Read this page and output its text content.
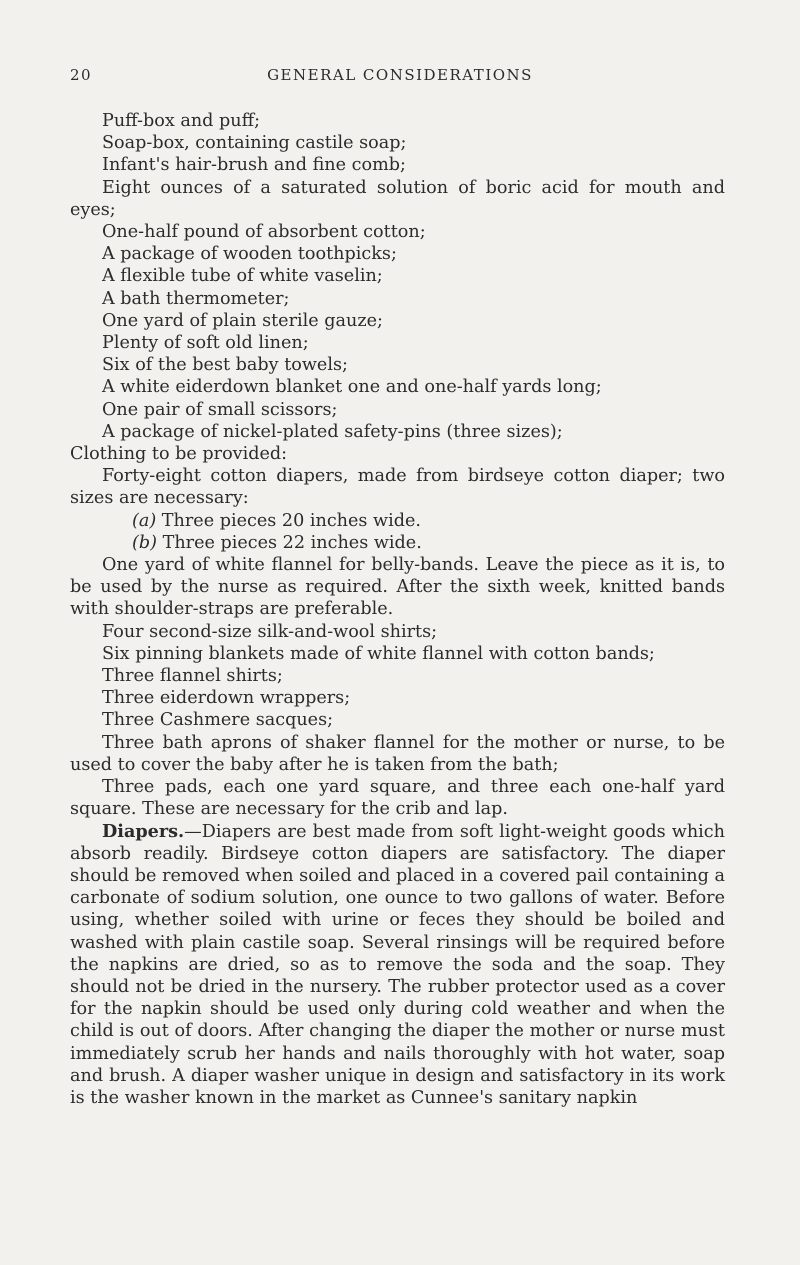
20	GENERAL CONSIDERATIONS

Puff-box and puff;

Soap-box, containing castile soap;

Infant's hair-brush and fine comb;

Eight ounces of a saturated solution of boric acid for mouth and eyes;

One-half pound of absorbent cotton;

A package of wooden toothpicks;

A flexible tube of white vaselin;

A bath thermometer;

One yard of plain sterile gauze;

Plenty of soft old linen;

Six of the best baby towels;

A white eiderdown blanket one and one-half yards long;

One pair of small scissors;

A package of nickel-plated safety-pins (three sizes);

Clothing to be provided:

Forty-eight cotton diapers, made from birdseye cotton diaper; two sizes are necessary:

(a) Three pieces 20 inches wide.

(b) Three pieces 22 inches wide.

One yard of white flannel for belly-bands. Leave the piece as it is, to be used by the nurse as required. After the sixth week, knitted bands with shoulder-straps are preferable.

Four second-size silk-and-wool shirts;

Six pinning blankets made of white flannel with cotton bands;

Three flannel shirts;

Three eiderdown wrappers;

Three Cashmere sacques;

Three bath aprons of shaker flannel for the mother or nurse, to be used to cover the baby after he is taken from the bath;

Three pads, each one yard square, and three each one-half yard square. These are necessary for the crib and lap.

Diapers.—Diapers are best made from soft light-weight goods which absorb readily. Birdseye cotton diapers are satisfactory. The diaper should be removed when soiled and placed in a covered pail containing a carbonate of sodium solution, one ounce to two gallons of water. Before using, whether soiled with urine or feces they should be boiled and washed with plain castile soap. Several rinsings will be required before the napkins are dried, so as to remove the soda and the soap. They should not be dried in the nursery. The rubber protector used as a cover for the napkin should be used only during cold weather and when the child is out of doors. After changing the diaper the mother or nurse must immediately scrub her hands and nails thoroughly with hot water, soap and brush. A diaper washer unique in design and satisfactory in its work is the washer known in the market as Cunnee's sanitary napkin
